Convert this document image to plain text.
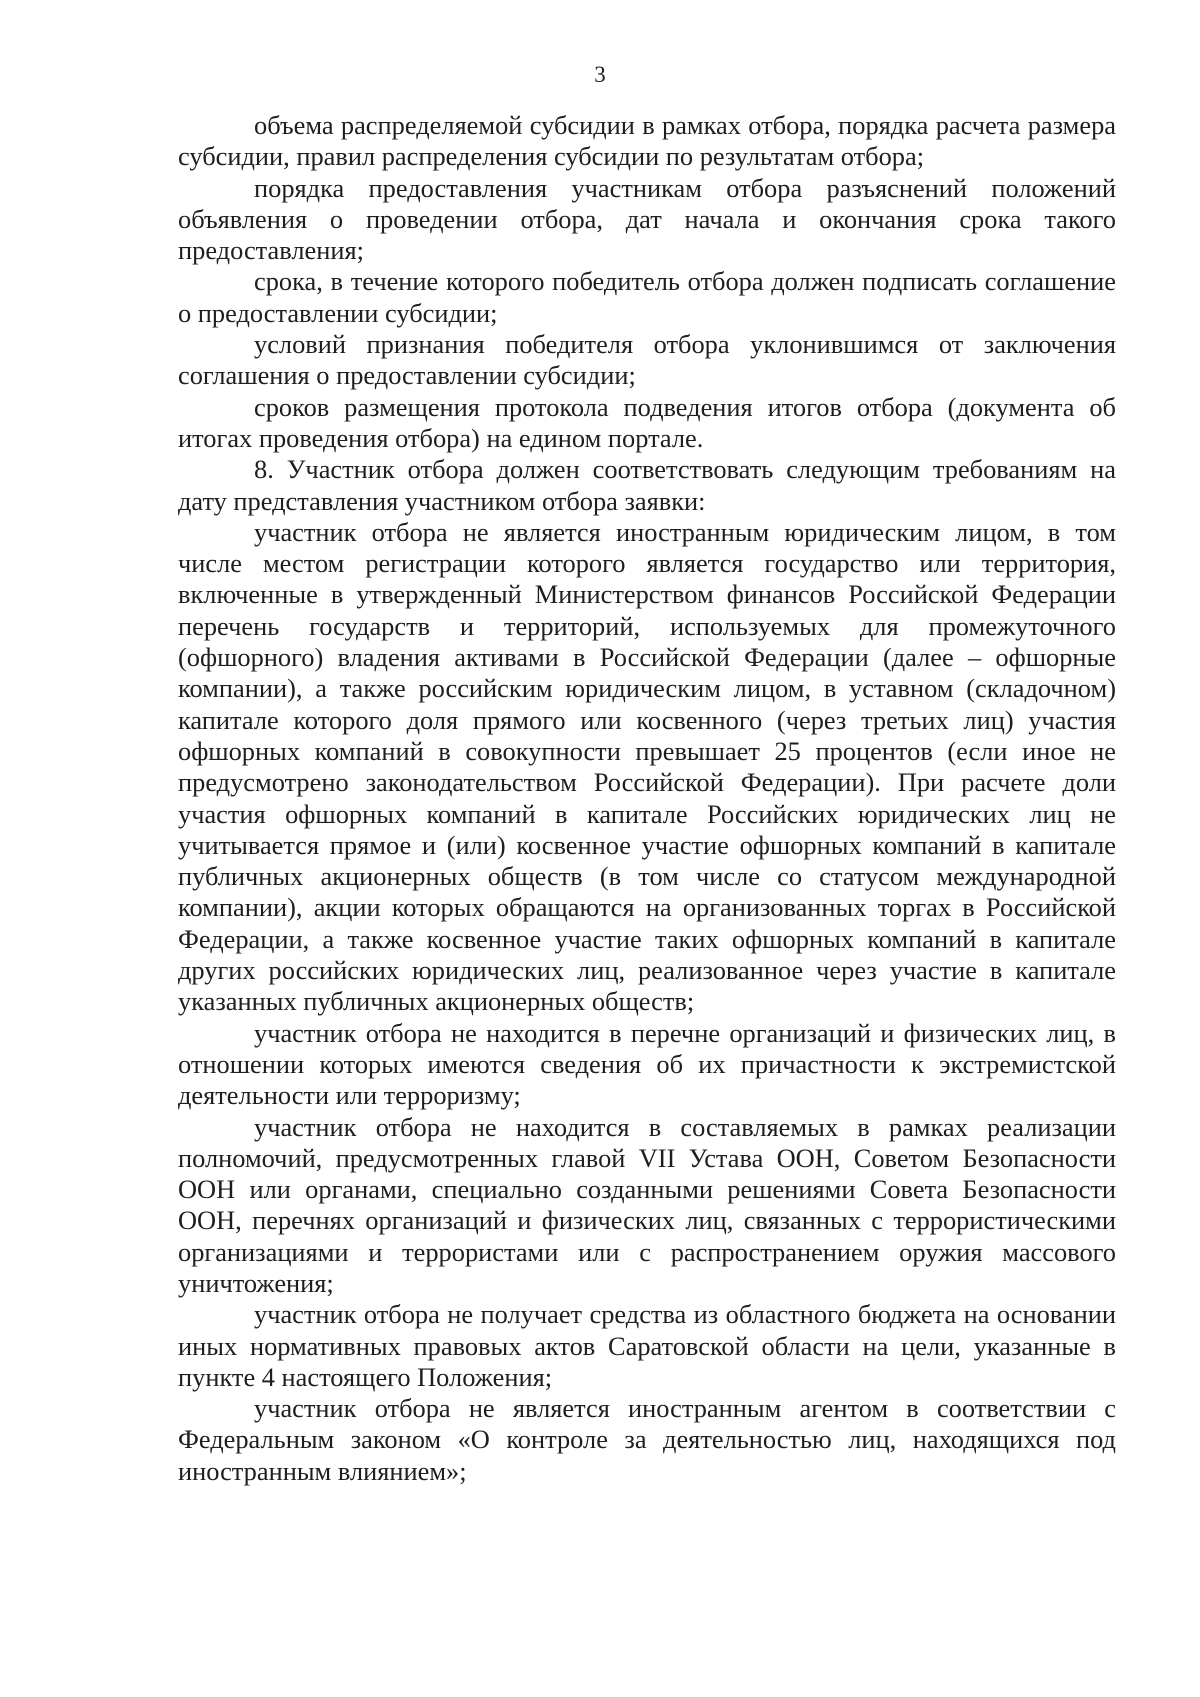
3

объема распределяемой субсидии в рамках отбора, порядка расчета размера субсидии, правил распределения субсидии по результатам отбора;

порядка предоставления участникам отбора разъяснений положений объявления о проведении отбора, дат начала и окончания срока такого предоставления;

срока, в течение которого победитель отбора должен подписать соглашение о предоставлении субсидии;

условий признания победителя отбора уклонившимся от заключения соглашения о предоставлении субсидии;

сроков размещения протокола подведения итогов отбора (документа об итогах проведения отбора) на едином портале.

8. Участник отбора должен соответствовать следующим требованиям на дату представления участником отбора заявки:

участник отбора не является иностранным юридическим лицом, в том числе местом регистрации которого является государство или территория, включенные в утвержденный Министерством финансов Российской Федерации перечень государств и территорий, используемых для промежуточного (офшорного) владения активами в Российской Федерации (далее – офшорные компании), а также российским юридическим лицом, в уставном (складочном) капитале которого доля прямого или косвенного (через третьих лиц) участия офшорных компаний в совокупности превышает 25 процентов (если иное не предусмотрено законодательством Российской Федерации). При расчете доли участия офшорных компаний в капитале Российских юридических лиц не учитывается прямое и (или) косвенное участие офшорных компаний в капитале публичных акционерных обществ (в том числе со статусом международной компании), акции которых обращаются на организованных торгах в Российской Федерации, а также косвенное участие таких офшорных компаний в капитале других российских юридических лиц, реализованное через участие в капитале указанных публичных акционерных обществ;

участник отбора не находится в перечне организаций и физических лиц, в отношении которых имеются сведения об их причастности к экстремистской деятельности или терроризму;

участник отбора не находится в составляемых в рамках реализации полномочий, предусмотренных главой VII Устава ООН, Советом Безопасности ООН или органами, специально созданными решениями Совета Безопасности ООН, перечнях организаций и физических лиц, связанных с террористическими организациями и террористами или с распространением оружия массового уничтожения;

участник отбора не получает средства из областного бюджета на основании иных нормативных правовых актов Саратовской области на цели, указанные в пункте 4 настоящего Положения;

участник отбора не является иностранным агентом в соответствии с Федеральным законом «О контроле за деятельностью лиц, находящихся под иностранным влиянием»;
